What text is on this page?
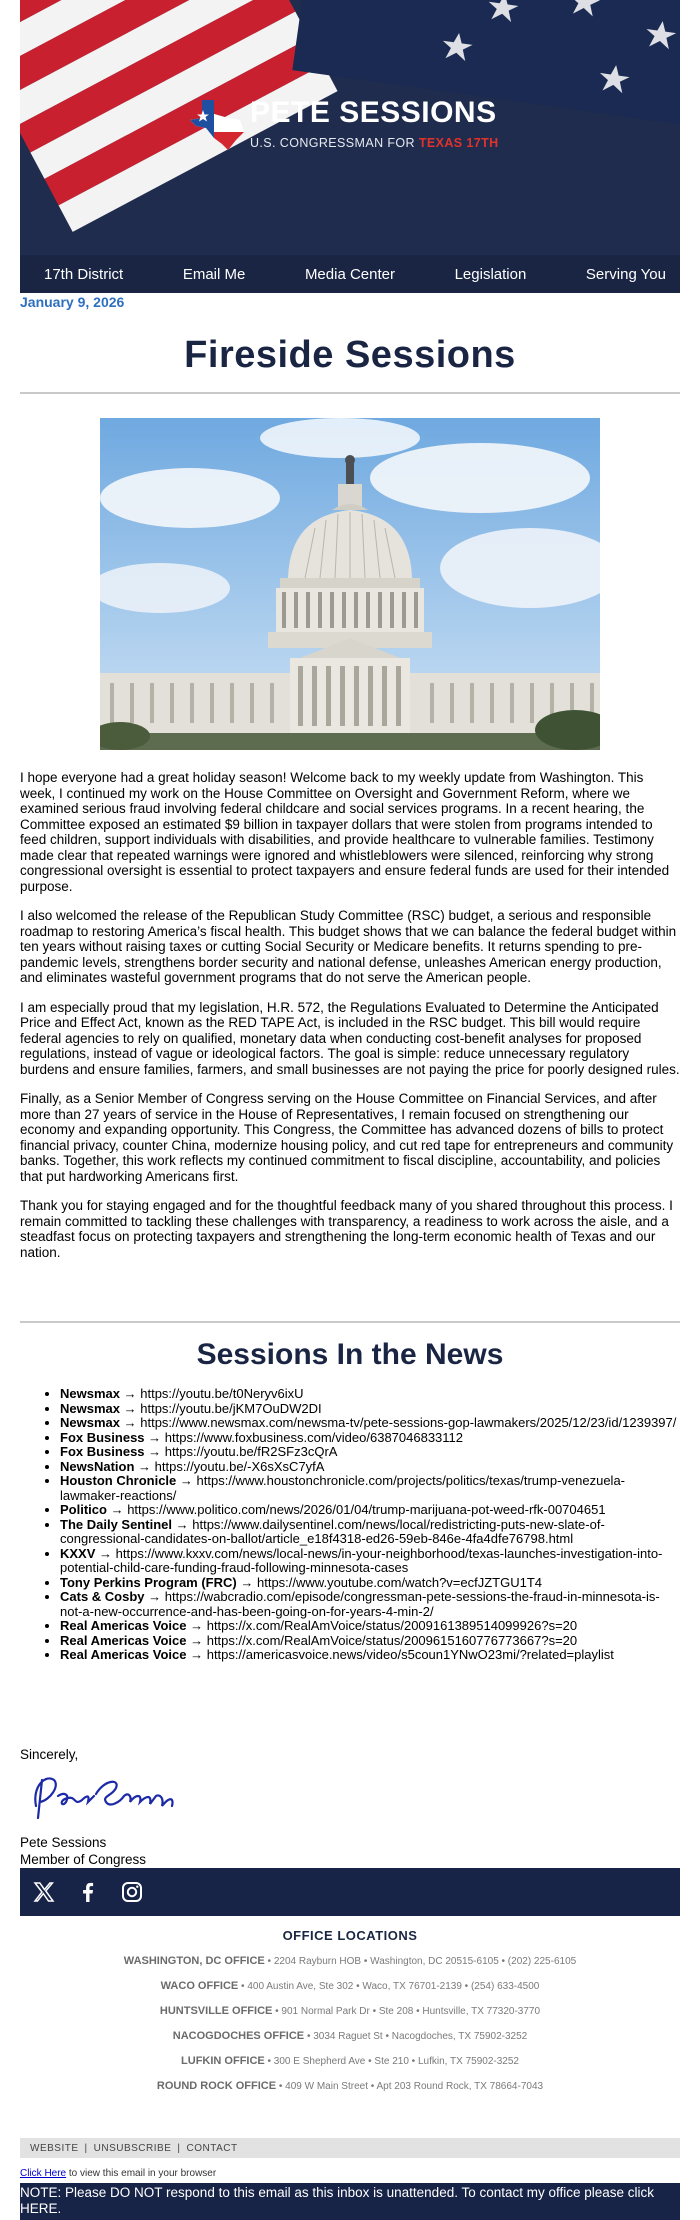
PETE SESSIONS
U.S. CONGRESSMAN FOR TEXAS 17TH
17th District	Email Me	Media Center	Legislation	Serving You
January 9, 2026
Fireside Sessions

I hope everyone had a great holiday season! Welcome back to my weekly update from Washington. This week, I continued my work on the House Committee on Oversight and Government Reform, where we examined serious fraud involving federal childcare and social services programs. In a recent hearing, the Committee exposed an estimated $9 billion in taxpayer dollars that were stolen from programs intended to feed children, support individuals with disabilities, and provide healthcare to vulnerable families. Testimony made clear that repeated warnings were ignored and whistleblowers were silenced, reinforcing why strong congressional oversight is essential to protect taxpayers and ensure federal funds are used for their intended purpose.

I also welcomed the release of the Republican Study Committee (RSC) budget, a serious and responsible roadmap to restoring America’s fiscal health. This budget shows that we can balance the federal budget within ten years without raising taxes or cutting Social Security or Medicare benefits. It returns spending to pre-pandemic levels, strengthens border security and national defense, unleashes American energy production, and eliminates wasteful government programs that do not serve the American people.

I am especially proud that my legislation, H.R. 572, the Regulations Evaluated to Determine the Anticipated Price and Effect Act, known as the RED TAPE Act, is included in the RSC budget. This bill would require federal agencies to rely on qualified, monetary data when conducting cost-benefit analyses for proposed regulations, instead of vague or ideological factors. The goal is simple: reduce unnecessary regulatory burdens and ensure families, farmers, and small businesses are not paying the price for poorly designed rules.

Finally, as a Senior Member of Congress serving on the House Committee on Financial Services, and after more than 27 years of service in the House of Representatives, I remain focused on strengthening our economy and expanding opportunity. This Congress, the Committee has advanced dozens of bills to protect financial privacy, counter China, modernize housing policy, and cut red tape for entrepreneurs and community banks. Together, this work reflects my continued commitment to fiscal discipline, accountability, and policies that put hardworking Americans first.

Thank you for staying engaged and for the thoughtful feedback many of you shared throughout this process. I remain committed to tackling these challenges with transparency, a readiness to work across the aisle, and a steadfast focus on protecting taxpayers and strengthening the long-term economic health of Texas and our nation.

Sessions In the News
• Newsmax → https://youtu.be/t0Neryv6ixU
• Newsmax → https://youtu.be/jKM7OuDW2DI
• Newsmax → https://www.newsmax.com/newsma-tv/pete-sessions-gop-lawmakers/2025/12/23/id/1239397/
• Fox Business → https://www.foxbusiness.com/video/6387046833112
• Fox Business → https://youtu.be/fR2SFz3cQrA
• NewsNation → https://youtu.be/-X6sXsC7yfA
• Houston Chronicle → https://www.houstonchronicle.com/projects/politics/texas/trump-venezuela-lawmaker-reactions/
• Politico → https://www.politico.com/news/2026/01/04/trump-marijuana-pot-weed-rfk-00704651
• The Daily Sentinel → https://www.dailysentinel.com/news/local/redistricting-puts-new-slate-of-congressional-candidates-on-ballot/article_e18f4318-ed26-59eb-846e-4fa4dfe76798.html
• KXXV → https://www.kxxv.com/news/local-news/in-your-neighborhood/texas-launches-investigation-into-potential-child-care-funding-fraud-following-minnesota-cases
• Tony Perkins Program (FRC) → https://www.youtube.com/watch?v=ecfJZTGU1T4
• Cats & Cosby → https://wabcradio.com/episode/congressman-pete-sessions-the-fraud-in-minnesota-is-not-a-new-occurrence-and-has-been-going-on-for-years-4-min-2/
• Real Americas Voice → https://x.com/RealAmVoice/status/2009161389514099926?s=20
• Real Americas Voice → https://x.com/RealAmVoice/status/2009615160776773667?s=20
• Real Americas Voice → https://americasvoice.news/video/s5coun1YNwO23mi/?related=playlist
Sincerely,
Pete Sessions
Member of Congress
OFFICE LOCATIONS
WASHINGTON, DC OFFICE • 2204 Rayburn HOB • Washington, DC 20515-6105 • (202) 225-6105
WACO OFFICE • 400 Austin Ave, Ste 302 • Waco, TX 76701-2139 • (254) 633-4500
HUNTSVILLE OFFICE • 901 Normal Park Dr • Ste 208 • Huntsville, TX 77320-3770
NACOGDOCHES OFFICE • 3034 Raguet St • Nacogdoches, TX 75902-3252
LUFKIN OFFICE • 300 E Shepherd Ave • Ste 210 • Lufkin, TX 75902-3252
ROUND ROCK OFFICE • 409 W Main Street • Apt 203 Round Rock, TX 78664-7043
WEBSITE | UNSUBSCRIBE | CONTACT
Click Here to view this email in your browser
NOTE: Please DO NOT respond to this email as this inbox is unattended. To contact my office please click HERE.
